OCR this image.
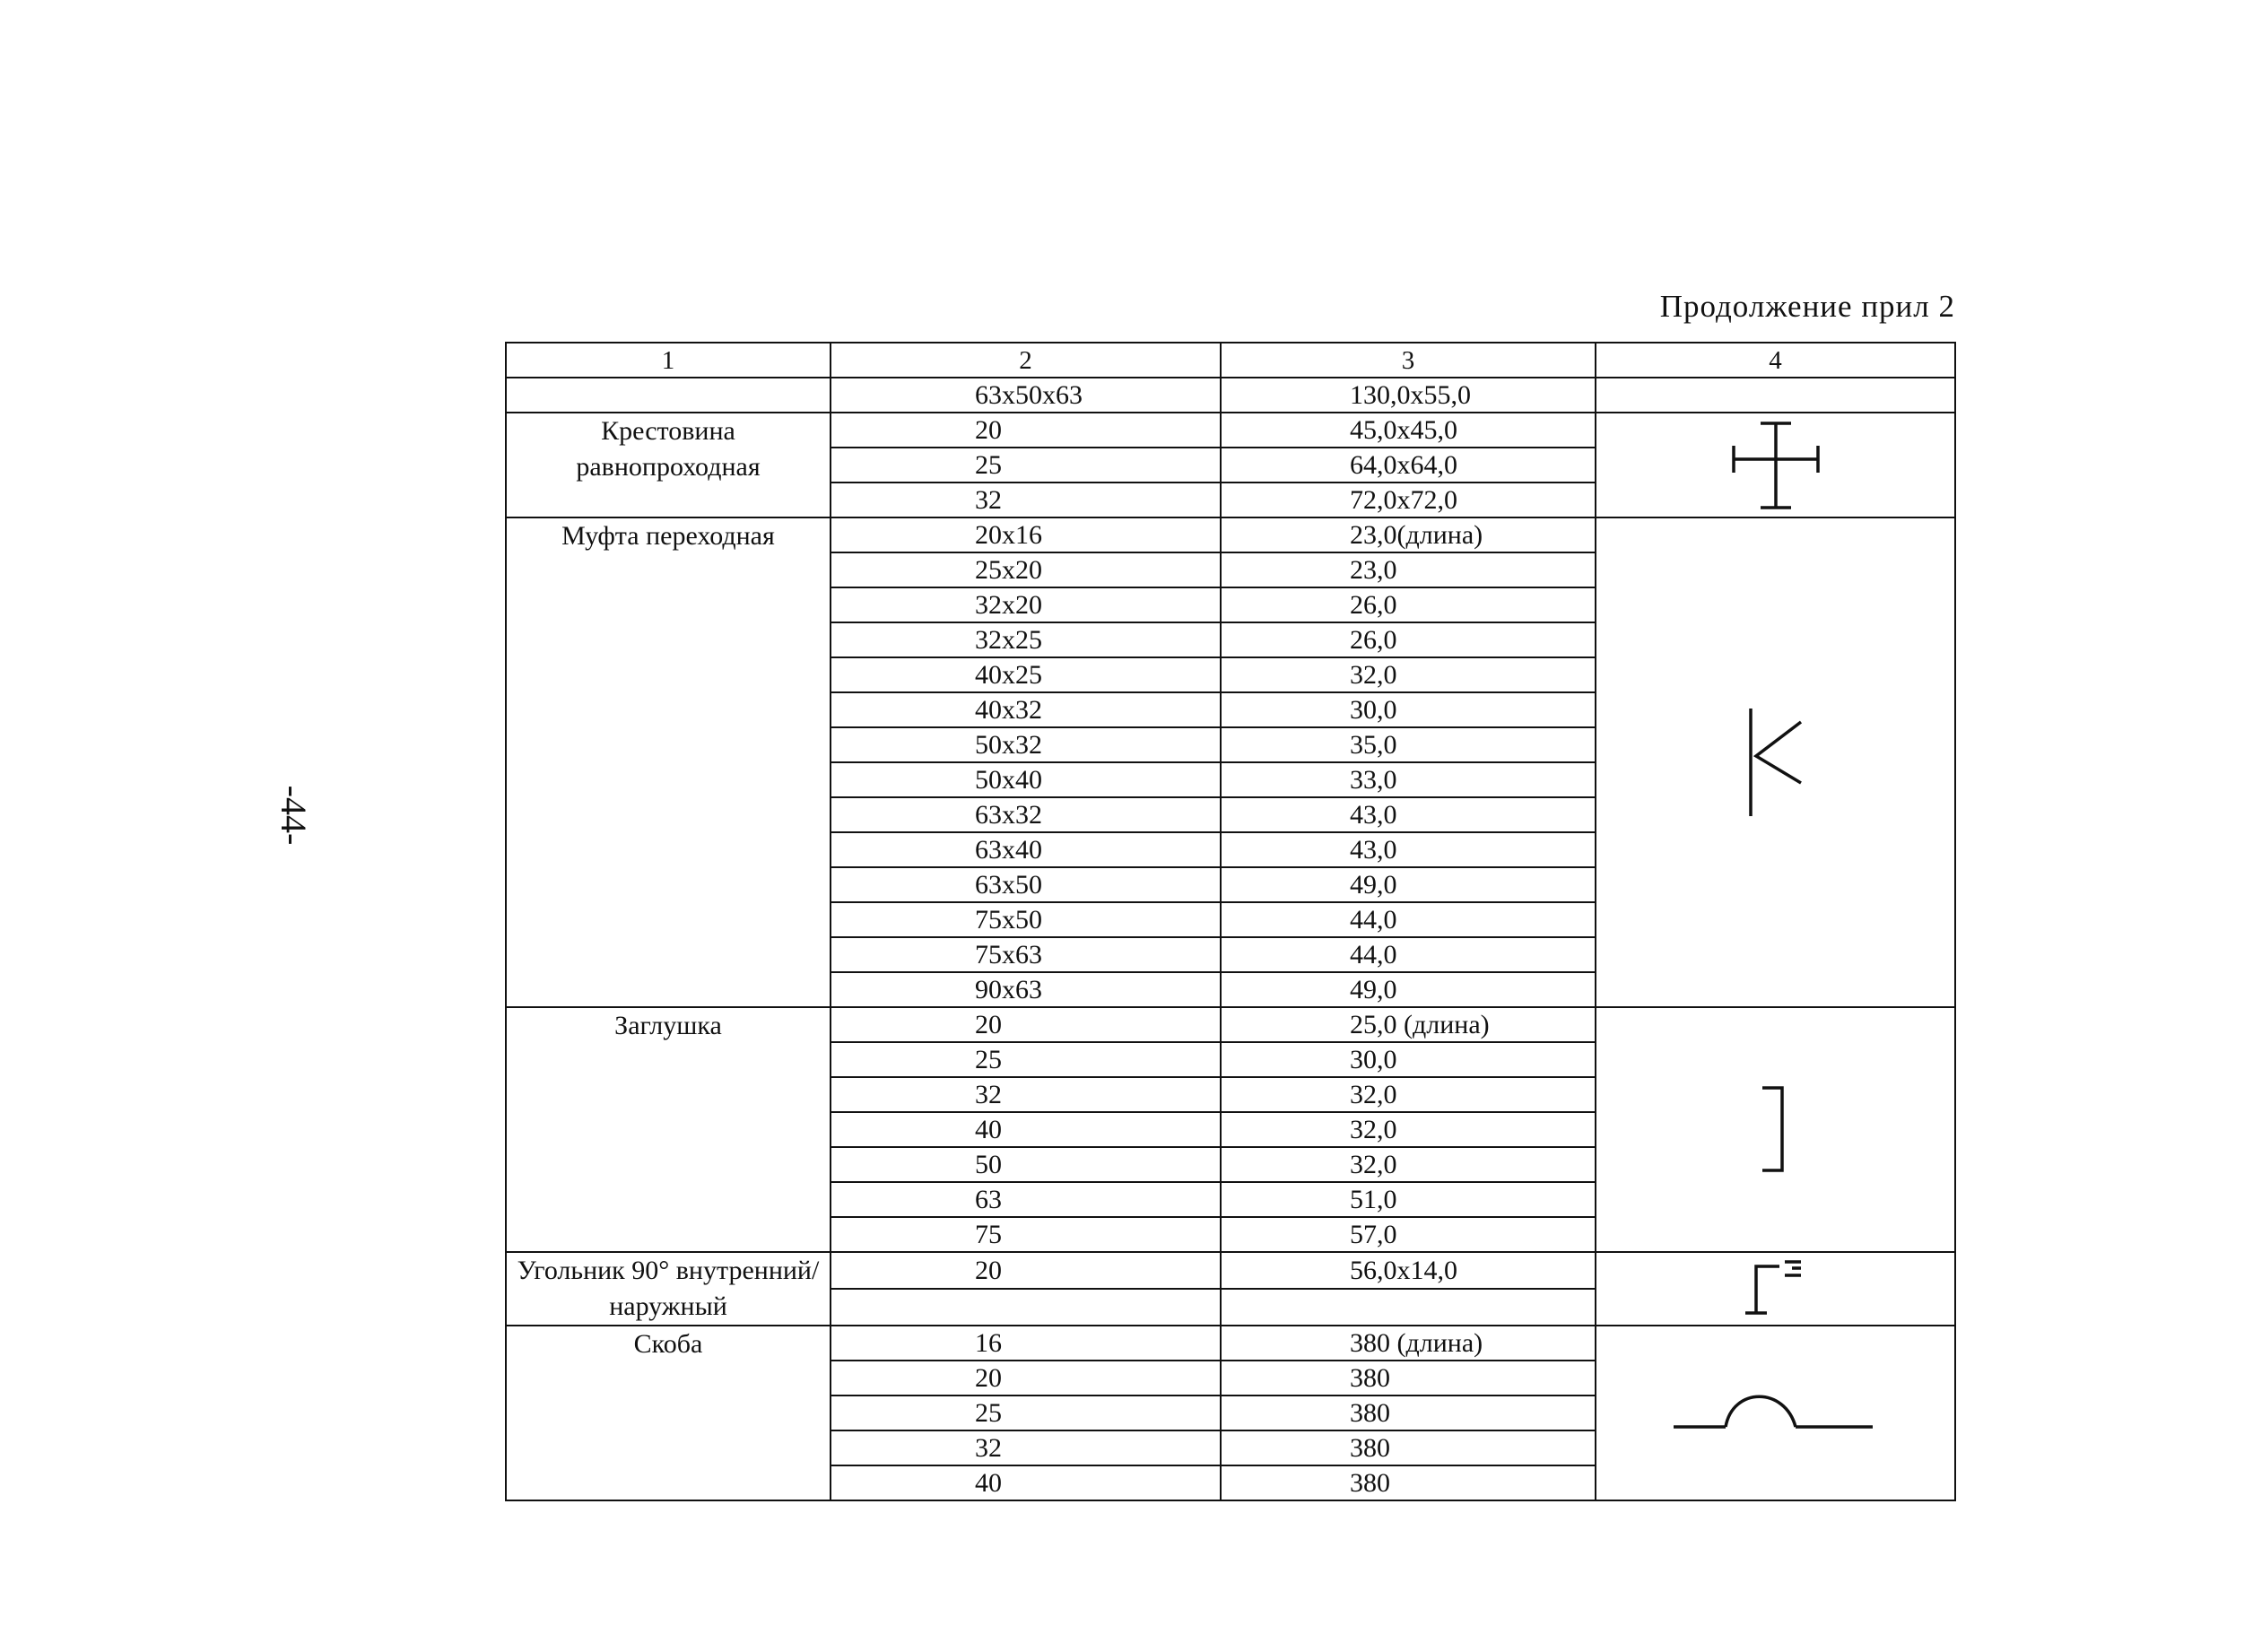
-44-
Продолжение прил 2
1	2	3	4
	63х50х63	130,0х55,0	
Крестовина равнопроходная	20	45,0х45,0	

	25	64,0х64,0	
	32	72,0х72,0	
Муфта переходная	20х16	23,0(длина)	

	25х20	23,0	
	32х20	26,0	
	32х25	26,0	
	40х25	32,0	
	40х32	30,0	
	50х32	35,0	
	50х40	33,0	
	63х32	43,0	
	63х40	43,0	
	63х50	49,0	
	75х50	44,0	
	75х63	44,0	
	90х63	49,0	
Заглушка	20	25,0 (длина)	

	25	30,0	
	32	32,0	
	40	32,0	
	50	32,0	
	63	51,0	
	75	57,0	
Угольник 90° внутренний/наружный	20	56,0х14,0	

Скоба	16	380 (длина)	

	20	380	
	25	380	
	32	380	
	40	380	
